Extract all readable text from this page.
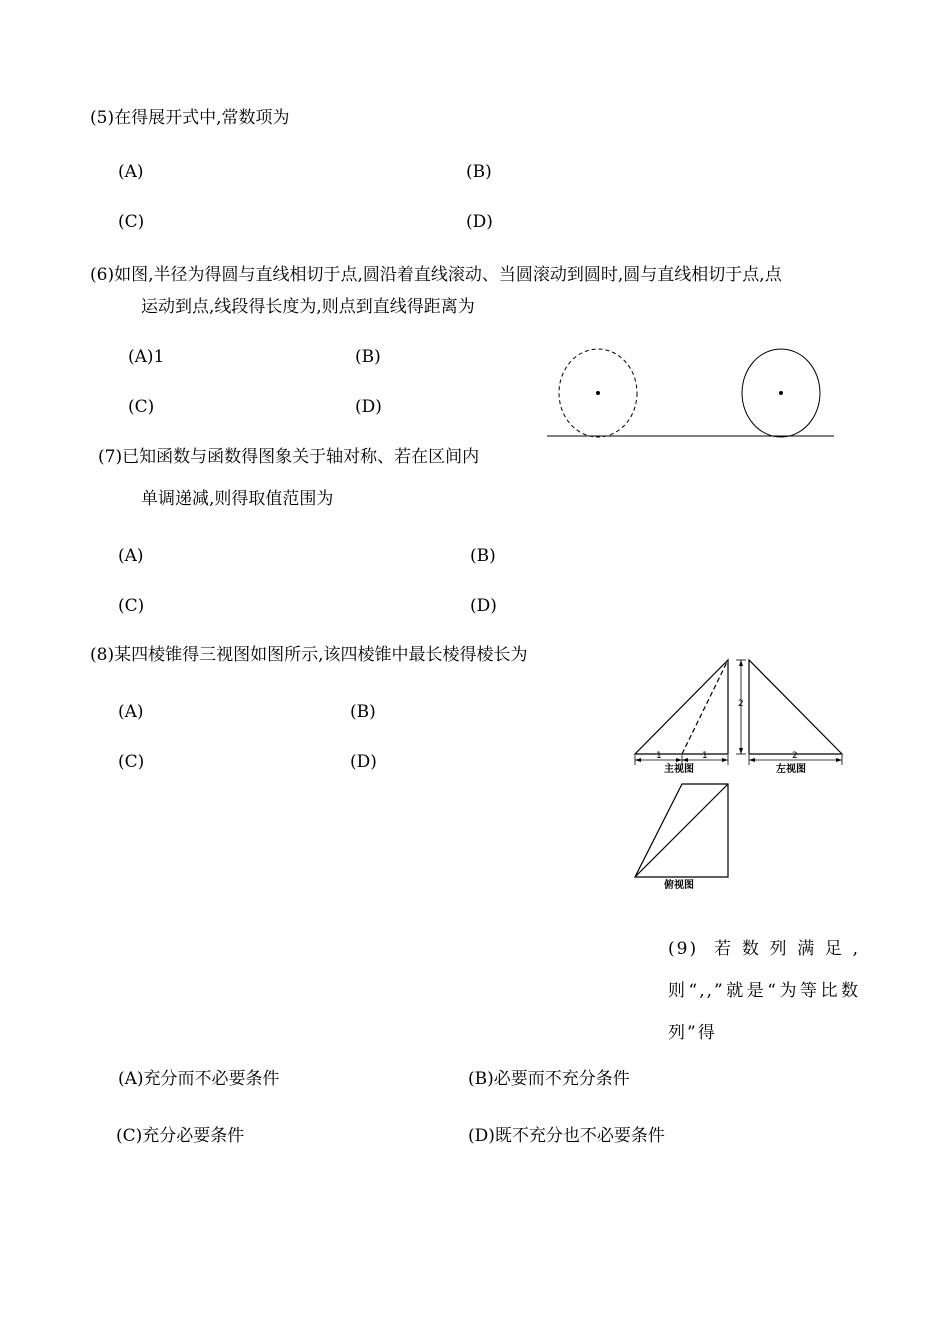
(5)在得展开式中,常数项为
(A)	(B)
(C)	(D)
(6)如图,半径为得圆与直线相切于点,圆沿着直线滚动、当圆滚动到圆时,圆与直线相切于点,点
运动到点,线段得长度为,则点到直线得距离为
(A)1	(B)
(C)	(D)
(7)已知函数与函数得图象关于轴对称、若在区间内
单调递减,则得取值范围为
(A)	(B)
(C)	(D)
(8)某四棱锥得三视图如图所示,该四棱锥中最长棱得棱长为
(A)	(B)
(C)	(D)
(9) 若数列满足,则“,,”就是“为等比数列”得
(A)充分而不必要条件	(B)必要而不充分条件
(C)充分必要条件	(D)既不充分也不必要条件
1	1
2
主视图
2
左视图
俯视图
